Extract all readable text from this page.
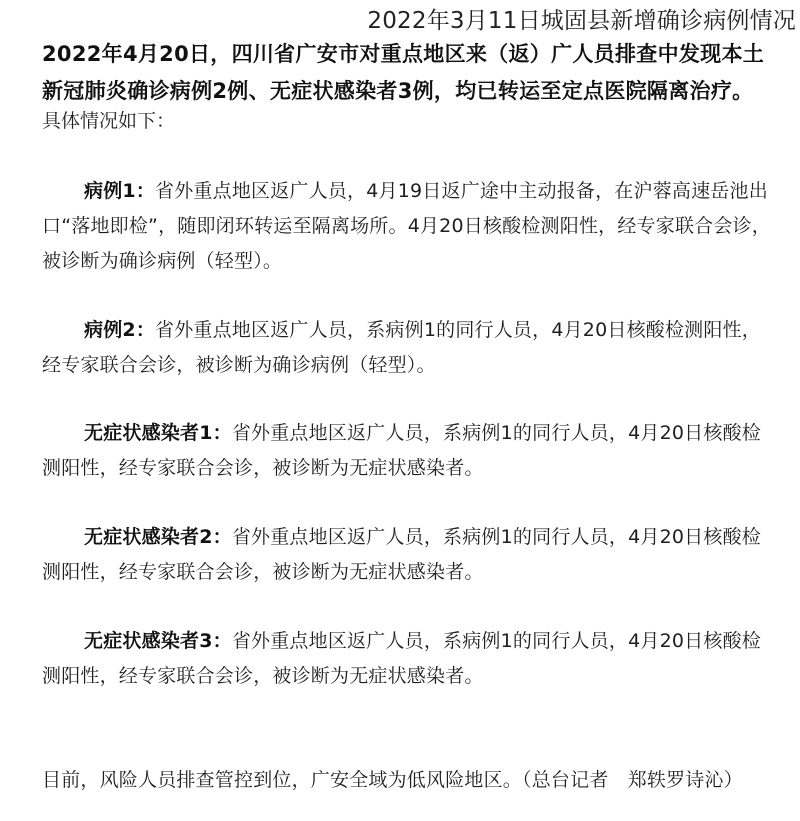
2022年3月11日城固县新增确诊病例情况
2022年4月20日，四川省广安市对重点地区来（返）广人员排查中发现本土新冠肺炎确诊病例2例、无症状感染者3例，均已转运至定点医院隔离治疗。
具体情况如下：
病例1：省外重点地区返广人员，4月19日返广途中主动报备，在沪蓉高速岳池出口“落地即检”，随即闭环转运至隔离场所。4月20日核酸检测阳性，经专家联合会诊，被诊断为确诊病例（轻型）。
病例2：省外重点地区返广人员，系病例1的同行人员，4月20日核酸检测阳性，经专家联合会诊，被诊断为确诊病例（轻型）。
无症状感染者1：省外重点地区返广人员，系病例1的同行人员，4月20日核酸检测阳性，经专家联合会诊，被诊断为无症状感染者。
无症状感染者2：省外重点地区返广人员，系病例1的同行人员，4月20日核酸检测阳性，经专家联合会诊，被诊断为无症状感染者。
无症状感染者3：省外重点地区返广人员，系病例1的同行人员，4月20日核酸检测阳性，经专家联合会诊，被诊断为无症状感染者。
目前，风险人员排查管控到位，广安全域为低风险地区。（总台记者　郑轶罗诗沁）
